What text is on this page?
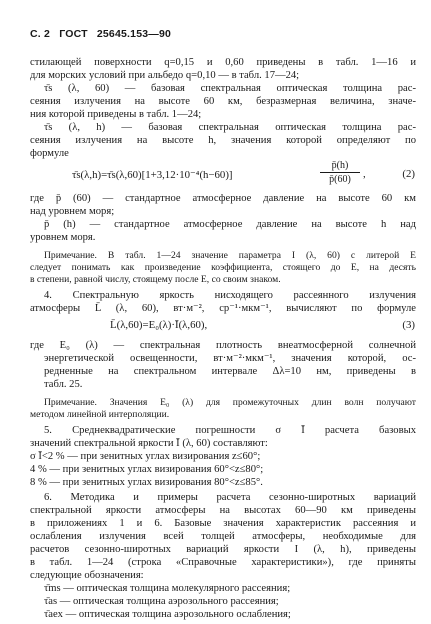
С. 2 ГОСТ 25645.153—90
стилающей поверхности q=0,15 и 0,60 приведены в табл. 1—16 и
для морских условий при альбедо q=0,10 — в табл. 17—24;
τ̄s (λ, 60) — базовая спектральная оптическая толщина рас-
сеяния излучения на высоте 60 км, безразмерная величина, значе-
ния которой приведены в табл. 1—24;
τ̄s (λ, h) — базовая спектральная оптическая толщина рас-
сеяния излучения на высоте h, значения которой определяют по
формуле
τ̄s(λ,h)=τ̄s(λ,60)[1+3,12·10⁻⁴(h−60)]	$\frac{p̄(h)}{p̄(60)}$ ,	(2)
где p̄ (60) — стандартное атмосферное давление на высоте 60 км
над уровнем моря;
p̄ (h) — стандартное атмосферное давление на высоте h над
уровнем моря.
Примечание. В табл. 1—24 значение параметра I (λ, 60) с литерой Е
следует понимать как произведение коэффициента, стоящего до Е, на десять
в степени, равной числу, стоящему после Е, со своим знаком.
4. Спектральную яркость нисходящего рассеянного излучения
атмосферы L̄ (λ, 60), вт·м⁻², ср⁻¹·мкм⁻¹, вычисляют по формуле
L̄(λ,60)=E₀(λ)·Ī(λ,60),	(3)
где E₀ (λ) — спектральная плотность внеатмосферной солнечной
энергетической освещенности, вт·м⁻²·мкм⁻¹, значения которой, ос-
редненные на спектральном интервале Δλ=10 нм, приведены в
табл. 25.
Примечание. Значения E₀ (λ) для промежуточных длин волн получают
методом линейной интерполяции.
5. Среднеквадратические погрешности σ Ī расчета базовых
значений спектральной яркости Ī (λ, 60) составляют:
σ Ī<2 % — при зенитных углах визирования z≤60°;
4 % — при зенитных углах визирования 60°<z≤80°;
8 % — при зенитных углах визирования 80°<z≤85°.
6. Методика и примеры расчета сезонно-широтных вариаций
спектральной яркости атмосферы на высотах 60—90 км приведены
в приложениях 1 и 6. Базовые значения характеристик рассеяния и
ослабления излучения всей толщей атмосферы, необходимые для
расчетов сезонно-широтных вариаций яркости I (λ, h), приведены
в табл. 1—24 (строка «Справочные характеристики»), где приняты
следующие обозначения:
τ̄ms — оптическая толщина молекулярного рассеяния;
τ̄as — оптическая толщина аэрозольного рассеяния;
τ̄aex — оптическая толщина аэрозольного ослабления;
